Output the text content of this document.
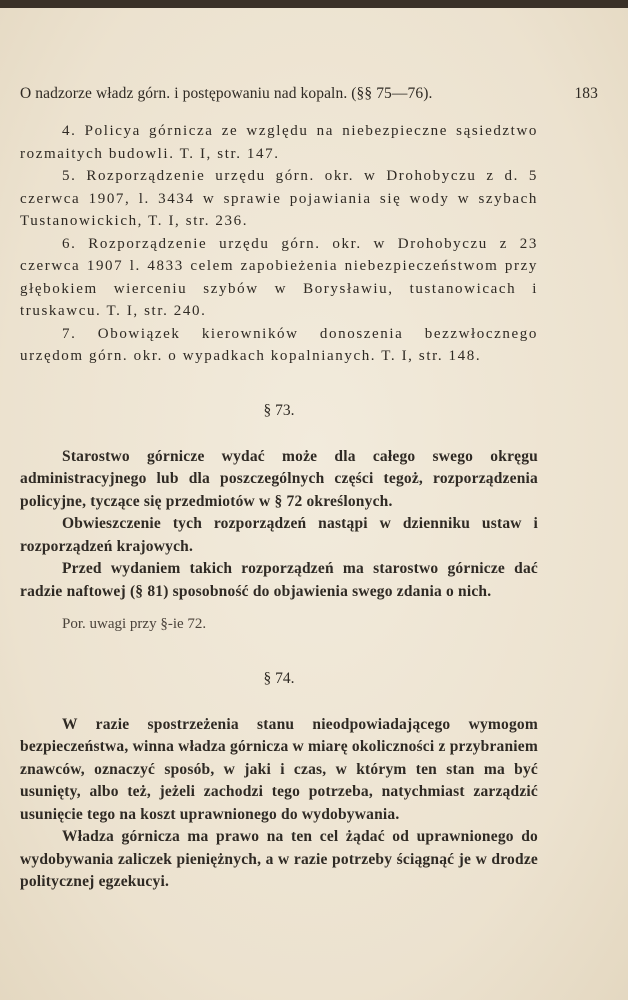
O nadzorze władz górn. i postępowaniu nad kopaln. (§§ 75—76).	183

4. Policya górnicza ze względu na niebezpieczne sąsiedztwo rozmaitych budowli. T. I, str. 147.

5. Rozporządzenie urzędu górn. okr. w Drohobyczu z d. 5 czerwca 1907, l. 3434 w sprawie pojawiania się wody w szybach Tustanowickich, T. I, str. 236.

6. Rozporządzenie urzędu górn. okr. w Drohobyczu z 23 czerwca 1907 l. 4833 celem zapobieżenia niebezpieczeństwom przy głębokiem wierceniu szybów w Borysławiu, tustanowicach i truskawcu. T. I, str. 240.

7. Obowiązek kierowników donoszenia bezzwłocznego urzędom górn. okr. o wypadkach kopalnianych. T. I, str. 148.

§ 73.

Starostwo górnicze wydać może dla całego swego okręgu administracyjnego lub dla poszczególnych części tegoż, rozporządzenia policyjne, tyczące się przedmiotów w § 72 określonych.

Obwieszczenie tych rozporządzeń nastąpi w dzienniku ustaw i rozporządzeń krajowych.

Przed wydaniem takich rozporządzeń ma starostwo górnicze dać radzie naftowej (§ 81) sposobność do objawienia swego zdania o nich.

Por. uwagi przy §-ie 72.

§ 74.

W razie spostrzeżenia stanu nieodpowiadającego wymogom bezpieczeństwa, winna władza górnicza w miarę okoliczności z przybraniem znawców, oznaczyć sposób, w jaki i czas, w którym ten stan ma być usunięty, albo też, jeżeli zachodzi tego potrzeba, natychmiast zarządzić usunięcie tego na koszt uprawnionego do wydobywania.

Władza górnicza ma prawo na ten cel żądać od uprawnionego do wydobywania zaliczek pieniężnych, a w razie potrzeby ściągnąć je w drodze politycznej egzekucyi.
